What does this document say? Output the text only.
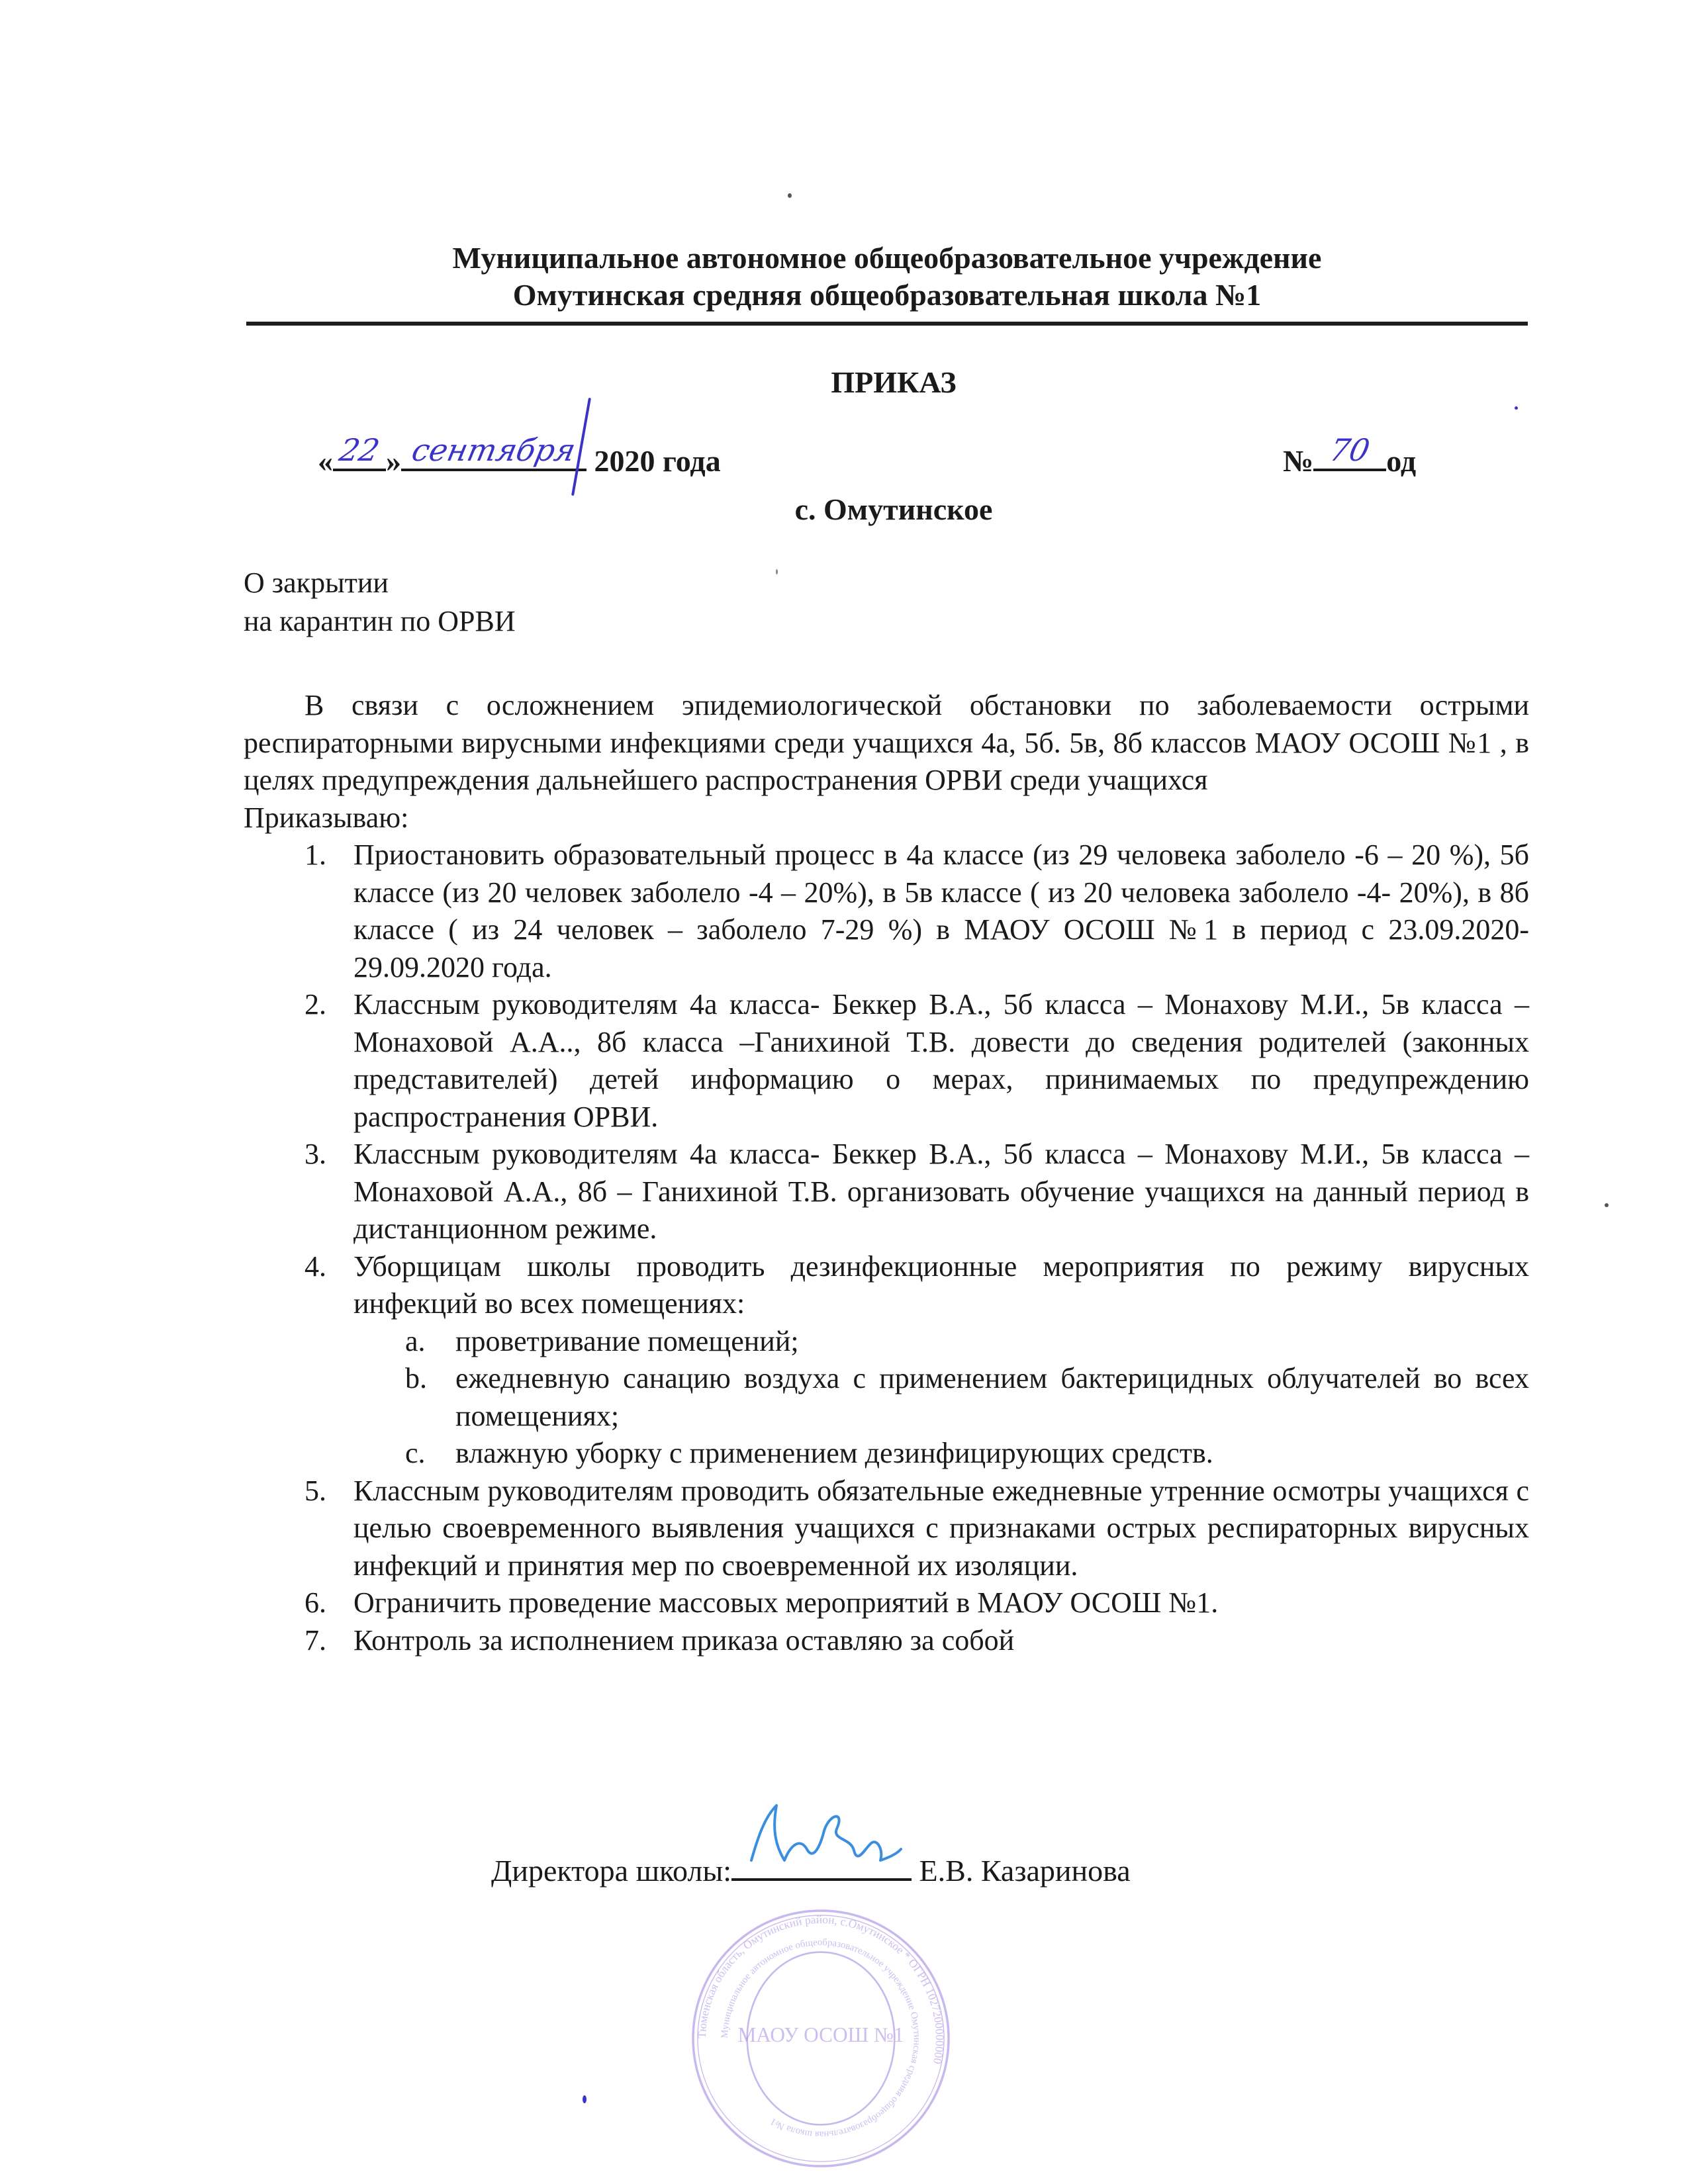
Муниципальное автономное общеобразовательное учреждение
Омутинская средняя общеобразовательная школа №1
ПРИКАЗ
« 22 » сентября 2020 года	№ 70 од
с. Омутинское
О закрытии
на карантин по ОРВИ

В связи с осложнением эпидемиологической обстановки по заболеваемости острыми респираторными вирусными инфекциями среди учащихся 4а, 5б. 5в, 8б классов МАОУ ОСОШ №1 , в целях предупреждения дальнейшего распространения ОРВИ среди учащихся

Приказываю:

1. Приостановить образовательный процесс в 4а классе (из 29 человека заболело -6 – 20 %), 5б классе (из 20 человек заболело -4 – 20%), в 5в классе ( из 20 человека заболело -4- 20%), в 8б классе ( из 24 человек – заболело 7-29 %) в МАОУ ОСОШ №1 в период с 23.09.2020- 29.09.2020 года.
2. Классным руководителям 4а класса- Беккер В.А., 5б класса – Монахову М.И., 5в класса – Монаховой А.А.., 8б класса –Ганихиной Т.В. довести до сведения родителей (законных представителей) детей информацию о мерах, принимаемых по предупреждению распространения ОРВИ.
3. Классным руководителям 4а класса- Беккер В.А., 5б класса – Монахову М.И., 5в класса – Монаховой А.А., 8б – Ганихиной Т.В. организовать обучение учащихся на данный период в дистанционном режиме.
4. Уборщицам школы проводить дезинфекционные мероприятия по режиму вирусных инфекций во всех помещениях:
a. проветривание помещений;
b. ежедневную санацию воздуха с применением бактерицидных облучателей во всех помещениях;
c. влажную уборку с применением дезинфицирующих средств.
5. Классным руководителям проводить обязательные ежедневные утренние осмотры учащихся с целью своевременного выявления учащихся с признаками острых респираторных вирусных инфекций и принятия мер по своевременной их изоляции.
6. Ограничить проведение массовых мероприятий в МАОУ ОСОШ №1.
7. Контроль за исполнением приказа оставляю за собой
Тюменская область, Омутинский район, с.Омутинское * ОГРН 1027200000000
Муниципальное автономное общеобразовательное учреждение Омутинская средняя общеобразовательная школа №1
МАОУ ОСОШ №1
Директора школы:	Е.В. Казаринова
